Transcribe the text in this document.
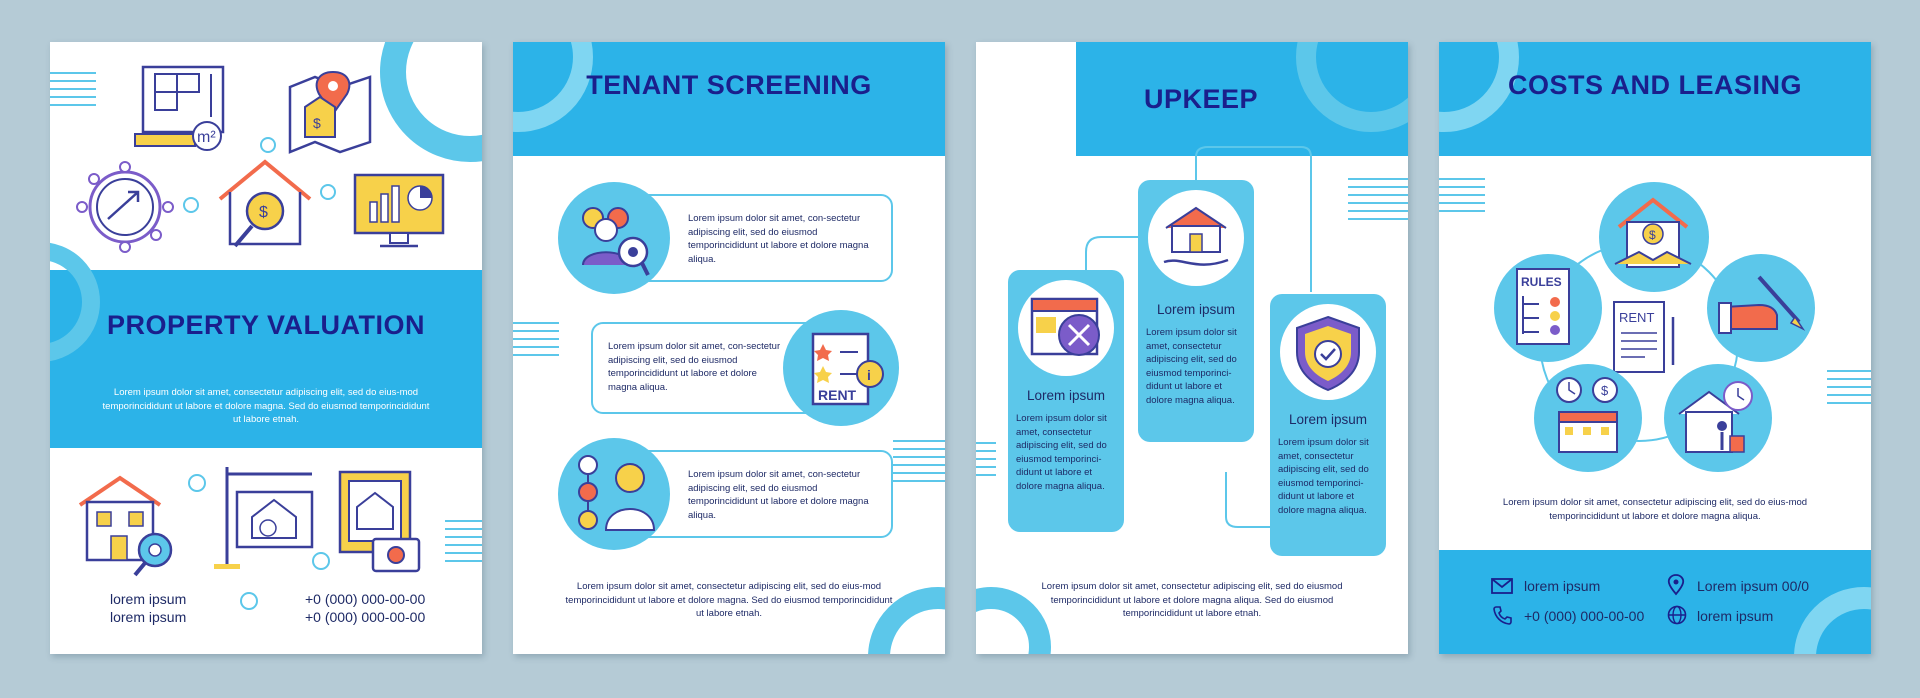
m²
$
$
PROPERTY VALUATION
Lorem ipsum dolor sit amet, consectetur adipiscing elit, sed do eius-mod temporincididunt ut labore et dolore magna. Sed do eiusmod temporincididunt ut labore etnah.
lorem ipsum
lorem ipsum
+0 (000) 000-00-00
+0 (000) 000-00-00
TENANT SCREENING
Lorem ipsum dolor sit amet, con-sectetur adipiscing elit, sed do eiusmod temporincididunt ut labore et dolore magna aliqua.
RENT
i
Lorem ipsum dolor sit amet, con-sectetur adipiscing elit, sed do eiusmod temporincididunt ut labore et dolore magna aliqua.
Lorem ipsum dolor sit amet, con-sectetur adipiscing elit, sed do eiusmod temporincididunt ut labore et dolore magna aliqua.
Lorem ipsum dolor sit amet, consectetur adipiscing elit, sed do eius-mod temporincididunt ut labore et dolore magna. Sed do eiusmod temporincididunt ut labore etnah.
UPKEEP
Lorem ipsum
Lorem ipsum dolor sit amet, consectetur adipiscing elit, sed do eiusmod temporinci-didunt ut labore et dolore magna aliqua.
Lorem ipsum
Lorem ipsum dolor sit amet, consectetur adipiscing elit, sed do eiusmod temporinci-didunt ut labore et dolore magna aliqua.
Lorem ipsum
Lorem ipsum dolor sit amet, consectetur adipiscing elit, sed do eiusmod temporinci-didunt ut labore et dolore magna aliqua.
Lorem ipsum dolor sit amet, consectetur adipiscing elit, sed do eiusmod temporincididunt ut labore et dolore magna aliqua. Sed do eiusmod temporincididunt ut labore etnah.
COSTS AND LEASING
RENT
$
RULES
$
Lorem ipsum dolor sit amet, consectetur adipiscing elit, sed do eius-mod temporincididunt ut labore et dolore magna aliqua.
lorem ipsum	Lorem ipsum 00/0
+0 (000) 000-00-00	lorem ipsum
